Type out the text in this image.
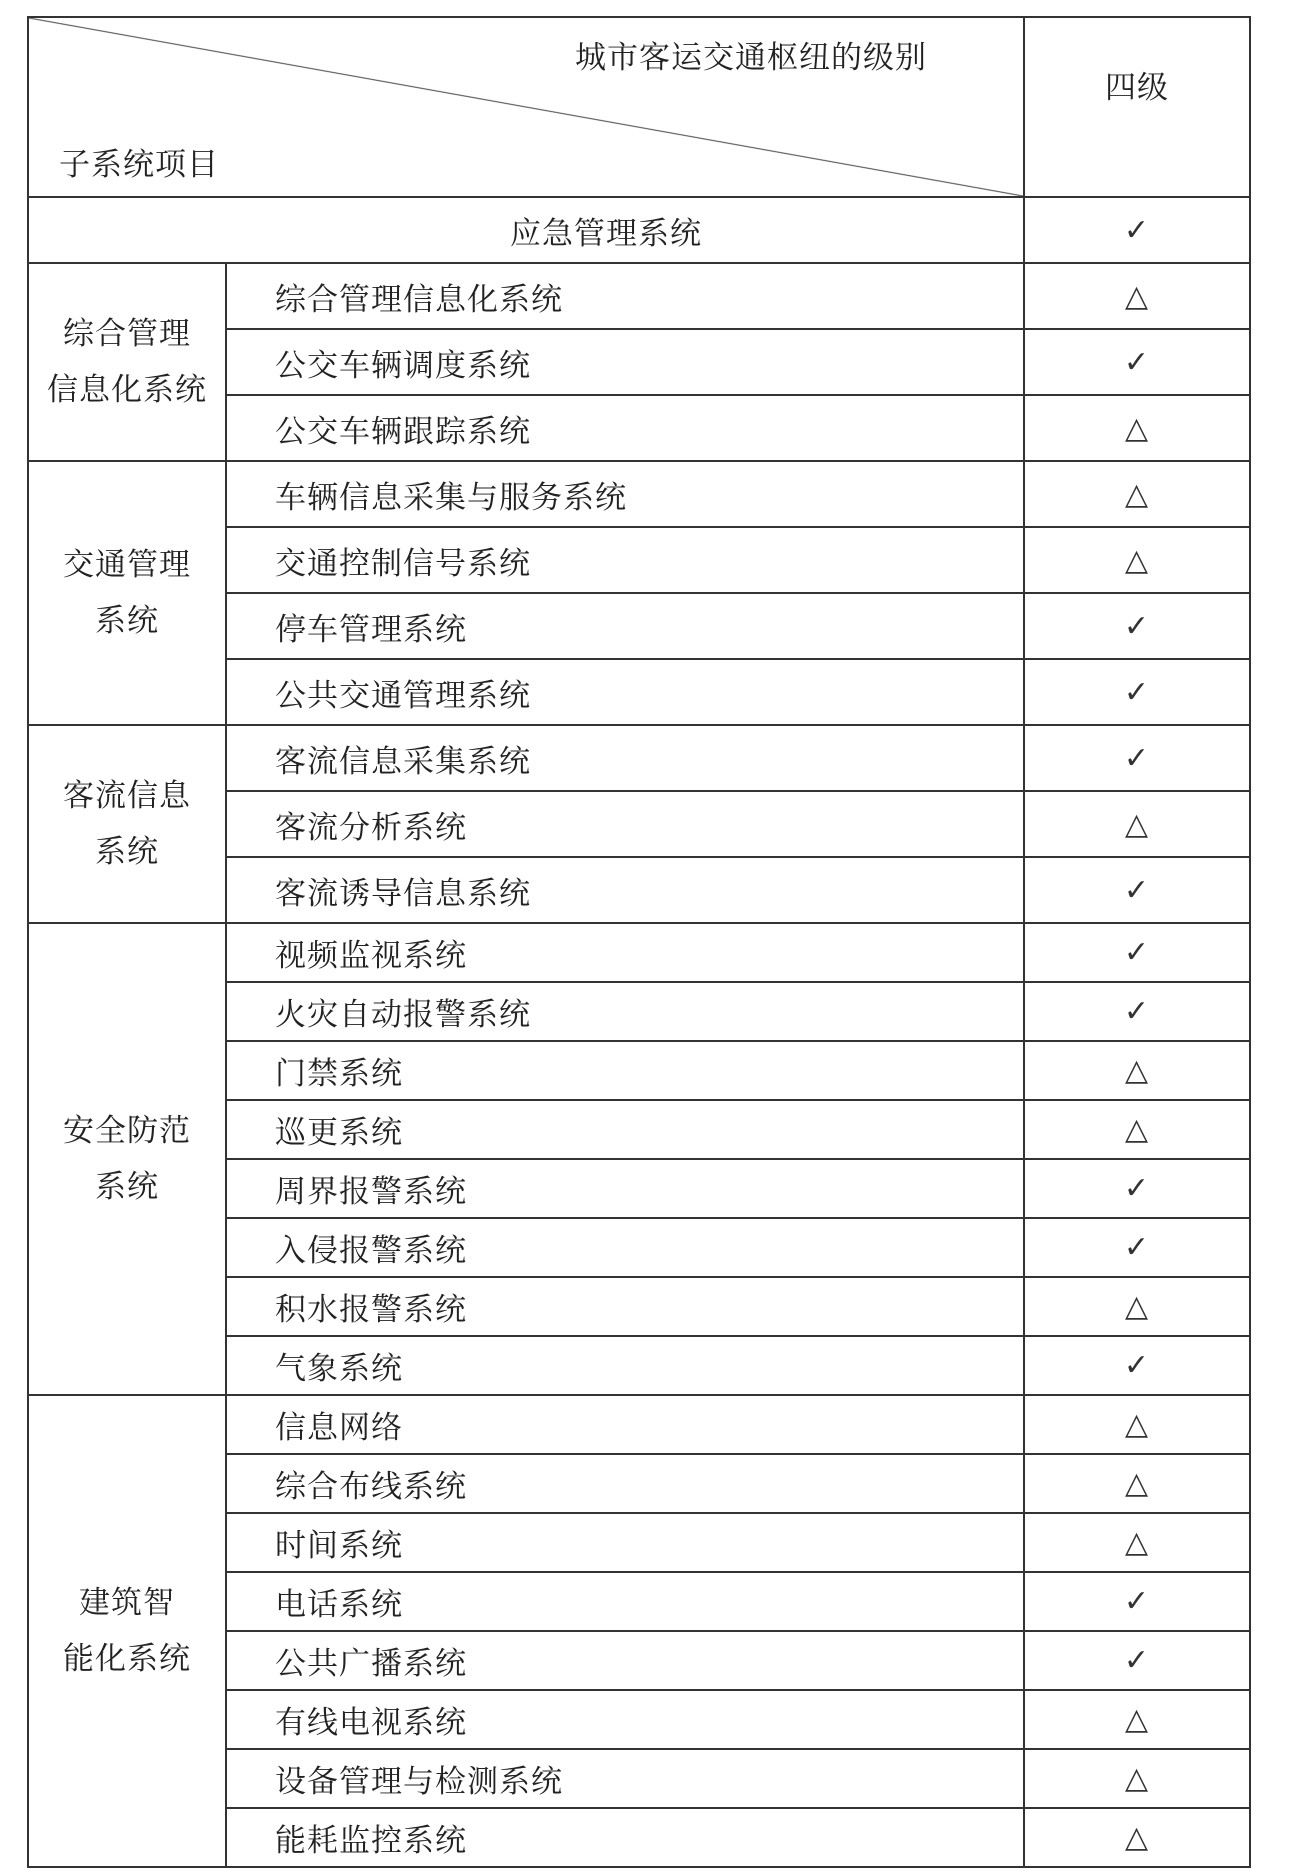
城市客运交通枢纽的级别
子系统项目		四级
应急管理系统		✓

综合管理
信息化系统	综合管理信息化系统	△
	公交车辆调度系统	✓
	公交车辆跟踪系统	△

交通管理
系统	车辆信息采集与服务系统	△
	交通控制信号系统	△
	停车管理系统	✓
	公共交通管理系统	✓

客流信息
系统	客流信息采集系统	✓
	客流分析系统	△
	客流诱导信息系统	✓

安全防范
系统	视频监视系统	✓
	火灾自动报警系统	✓
	门禁系统	△
	巡更系统	△
	周界报警系统	✓
	入侵报警系统	✓
	积水报警系统	△
	气象系统	✓

建筑智
能化系统	信息网络	△
	综合布线系统	△
	时间系统	△
	电话系统	✓
	公共广播系统	✓
	有线电视系统	△
	设备管理与检测系统	△
	能耗监控系统	△
